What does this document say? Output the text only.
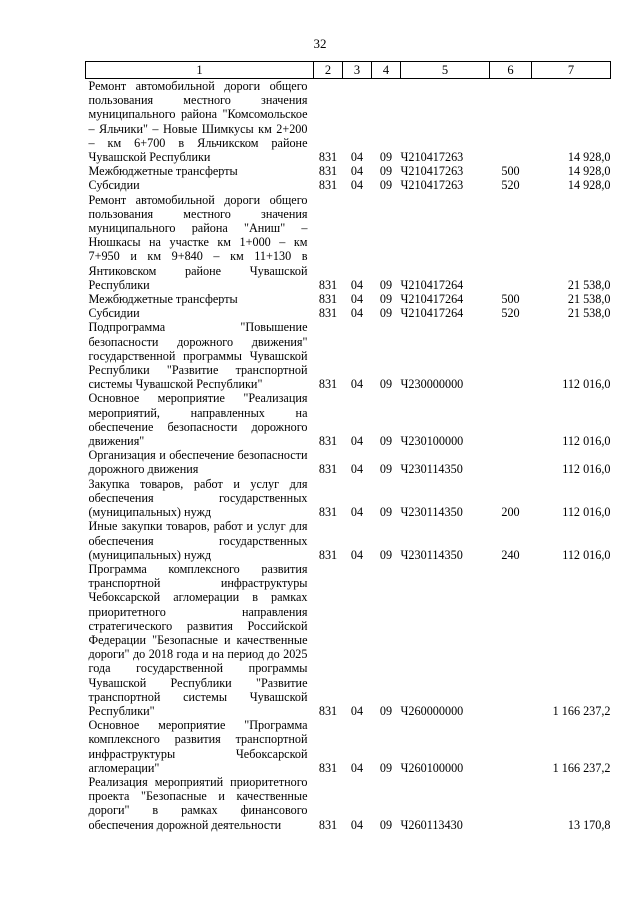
32
1	2	3	4	5	6	7
Ремонт автомобильной дороги общего пользования местного значения муниципального района "Комсомольское – Яльчики" – Новые Шимкусы км 2+200 – км 6+700 в Яльчикском районе Чувашской Республики	831	04	09	Ч210417263		14 928,0
Межбюджетные трансферты	831	04	09	Ч210417263	500	14 928,0
Субсидии	831	04	09	Ч210417263	520	14 928,0
Ремонт автомобильной дороги общего пользования местного значения муниципального района "Аниш" – Нюшкасы на участке км 1+000 – км 7+950 и км 9+840 – км 11+130 в Янтиковском районе Чувашской Республики	831	04	09	Ч210417264		21 538,0
Межбюджетные трансферты	831	04	09	Ч210417264	500	21 538,0
Субсидии	831	04	09	Ч210417264	520	21 538,0
Подпрограмма "Повышение безопасности дорожного движения" государственной программы Чувашской Республики "Развитие транспортной системы Чувашской Республики"	831	04	09	Ч230000000		112 016,0
Основное мероприятие "Реализация мероприятий, направленных на обеспечение безопасности дорожного движения"	831	04	09	Ч230100000		112 016,0
Организация и обеспечение безопасности дорожного движения	831	04	09	Ч230114350		112 016,0
Закупка товаров, работ и услуг для обеспечения государственных (муниципальных) нужд	831	04	09	Ч230114350	200	112 016,0
Иные закупки товаров, работ и услуг для обеспечения государственных (муниципальных) нужд	831	04	09	Ч230114350	240	112 016,0
Программа комплексного развития транспортной инфраструктуры Чебоксарской агломерации в рамках приоритетного направления стратегического развития Российской Федерации "Безопасные и качественные дороги" до 2018 года и на период до 2025 года государственной программы Чувашской Республики "Развитие транспортной системы Чувашской Республики"	831	04	09	Ч260000000		1 166 237,2
Основное мероприятие "Программа комплексного развития транспортной инфраструктуры Чебоксарской агломерации"	831	04	09	Ч260100000		1 166 237,2
Реализация мероприятий приоритетного проекта "Безопасные и качественные дороги" в рамках финансового обеспечения дорожной деятельности	831	04	09	Ч260113430		13 170,8
